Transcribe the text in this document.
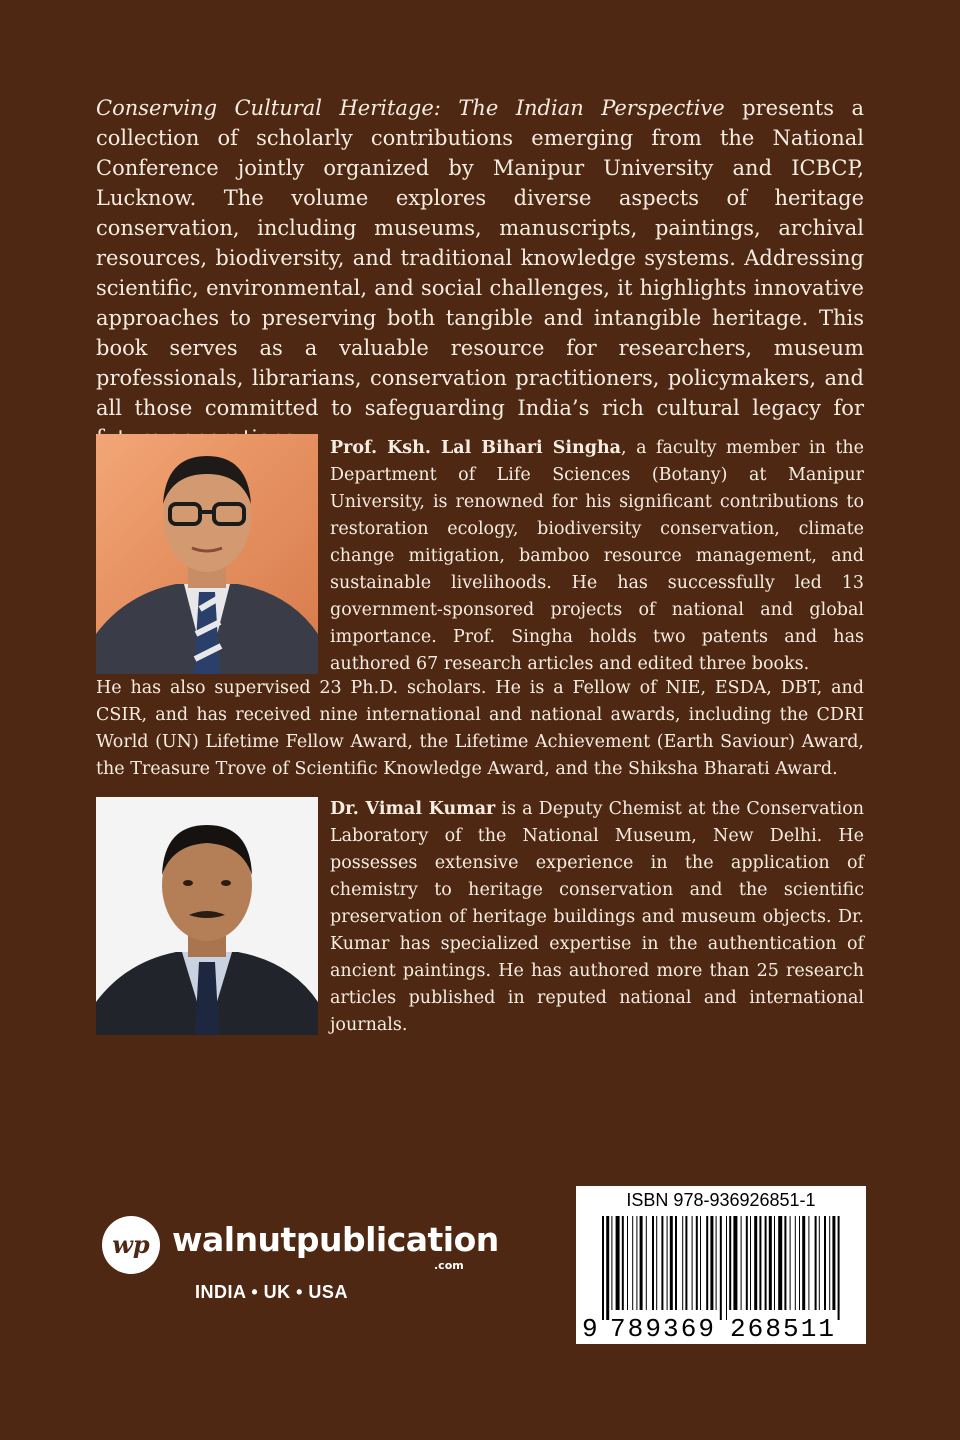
Conserving Cultural Heritage: The Indian Perspective presents a collection of scholarly contributions emerging from the National Conference jointly organized by Manipur University and ICBCP, Lucknow. The volume explores diverse aspects of heritage conservation, including museums, manuscripts, paintings, archival resources, biodiversity, and traditional knowledge systems. Addressing scientific, environmental, and social challenges, it highlights innovative approaches to preserving both tangible and intangible heritage. This book serves as a valuable resource for researchers, museum professionals, librarians, conservation practitioners, policymakers, and all those committed to safeguarding India’s rich cultural legacy for

Prof. Ksh. Lal Bihari Singha, a faculty member in the Department of Life Sciences (Botany) at Manipur University, is renowned for his significant contributions to restoration ecology, biodiversity conservation, climate change mitigation, bamboo resource management, and sustainable livelihoods. He has successfully led 13 government-sponsored projects of national and global importance. Prof. Singha holds two patents and has authored 67 research articles and edited three books.

He has also supervised 23 Ph.D. scholars. He is a Fellow of NIE, ESDA, DBT, and CSIR, and has received nine international and national awards, including the CDRI World (UN) Lifetime Fellow Award, the Lifetime Achievement (Earth Saviour) Award, the Treasure Trove of Scientific Knowledge Award, and the Shiksha Bharati Award.

Dr. Vimal Kumar is a Deputy Chemist at the Conservation Laboratory of the National Museum, New Delhi. He possesses extensive experience in the application of chemistry to heritage conservation and the scientific preservation of heritage buildings and museum objects. Dr. Kumar has specialized expertise in the authentication of ancient paintings. He has authored more than 25 research articles published in reputed national and international journals.

wp walnutpublication
.com
INDIA • UK • USA
ISBN 978-936926851-1
9 789369 268511
